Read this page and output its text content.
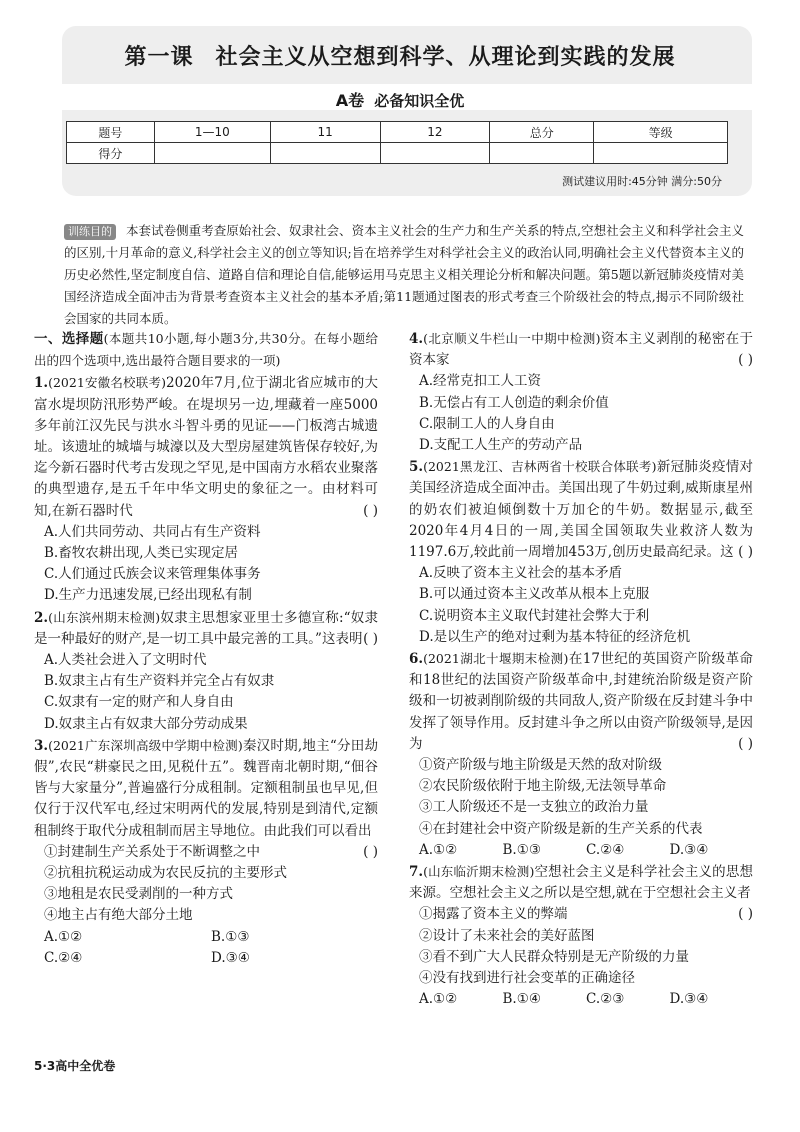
第一课 社会主义从空想到科学、从理论到实践的发展
A卷 必备知识全优
题号	1—10	11	12	总分	等级
得分					
测试建议用时:45分钟 满分:50分
训练目的 本套试卷侧重考查原始社会、奴隶社会、资本主义社会的生产力和生产关系的特点,空想社会主义和科学社会主义的区别,十月革命的意义,科学社会主义的创立等知识;旨在培养学生对科学社会主义的政治认同,明确社会主义代替资本主义的历史必然性,坚定制度自信、道路自信和理论自信,能够运用马克思主义相关理论分析和解决问题。第5题以新冠肺炎疫情对美国经济造成全面冲击为背景考查资本主义社会的基本矛盾;第11题通过图表的形式考查三个阶级社会的特点,揭示不同阶级社会国家的共同本质。
一、选择题(本题共10小题,每小题3分,共30分。在每小题给出的四个选项中,选出最符合题目要求的一项)
1.(2021安徽名校联考)2020年7月,位于湖北省应城市的大富水堤坝防汛形势严峻。在堤坝另一边,埋藏着一座5000多年前江汉先民与洪水斗智斗勇的见证——门板湾古城遗址。该遗址的城墙与城濠以及大型房屋建筑皆保存较好,为迄今新石器时代考古发现之罕见,是中国南方水稻农业聚落的典型遗存,是五千年中华文明史的象征之一。由材料可知,在新石器时代	( )
A.人们共同劳动、共同占有生产资料
B.畜牧农耕出现,人类已实现定居
C.人们通过氏族会议来管理集体事务
D.生产力迅速发展,已经出现私有制
2.(山东滨州期末检测)奴隶主思想家亚里士多德宣称:“奴隶是一种最好的财产,是一切工具中最完善的工具。”这表明 ( )
A.人类社会进入了文明时代
B.奴隶主占有生产资料并完全占有奴隶
C.奴隶有一定的财产和人身自由
D.奴隶主占有奴隶大部分劳动成果
3.(2021广东深圳高级中学期中检测)秦汉时期,地主“分田劫假”,农民“耕豪民之田,见税什五”。魏晋南北朝时期,“佃谷皆与大家量分”,普遍盛行分成租制。定额租制虽也早见,但仅行于汉代军屯,经过宋明两代的发展,特别是到清代,定额租制终于取代分成租制而居主导地位。由此我们可以看出
( )
①封建制生产关系处于不断调整之中
②抗租抗税运动成为农民反抗的主要形式
③地租是农民受剥削的一种方式
④地主占有绝大部分土地
A.①②	B.①③
C.②④	D.③④
4.(北京顺义牛栏山一中期中检测)资本主义剥削的秘密在于资本家	( )
A.经常克扣工人工资
B.无偿占有工人创造的剩余价值
C.限制工人的人身自由
D.支配工人生产的劳动产品
5.(2021黑龙江、吉林两省十校联合体联考)新冠肺炎疫情对美国经济造成全面冲击。美国出现了牛奶过剩,威斯康星州的奶农们被迫倾倒数十万加仑的牛奶。数据显示,截至2020年4月4日的一周,美国全国领取失业救济人数为1197.6万,较此前一周增加453万,创历史最高纪录。这 ( )
A.反映了资本主义社会的基本矛盾
B.可以通过资本主义改革从根本上克服
C.说明资本主义取代封建社会弊大于利
D.是以生产的绝对过剩为基本特征的经济危机
6.(2021湖北十堰期末检测)在17世纪的英国资产阶级革命和18世纪的法国资产阶级革命中,封建统治阶级是资产阶级和一切被剥削阶级的共同敌人,资产阶级在反封建斗争中发挥了领导作用。反封建斗争之所以由资产阶级领导,是因为	( )
①资产阶级与地主阶级是天然的敌对阶级
②农民阶级依附于地主阶级,无法领导革命
③工人阶级还不是一支独立的政治力量
④在封建社会中资产阶级是新的生产关系的代表
A.①②	B.①③	C.②④	D.③④
7.(山东临沂期末检测)空想社会主义是科学社会主义的思想来源。空想社会主义之所以是空想,就在于空想社会主义者
( )
①揭露了资本主义的弊端
②设计了未来社会的美好蓝图
③看不到广大人民群众特别是无产阶级的力量
④没有找到进行社会变革的正确途径
A.①②	B.①④	C.②③	D.③④
5·3高中全优卷
